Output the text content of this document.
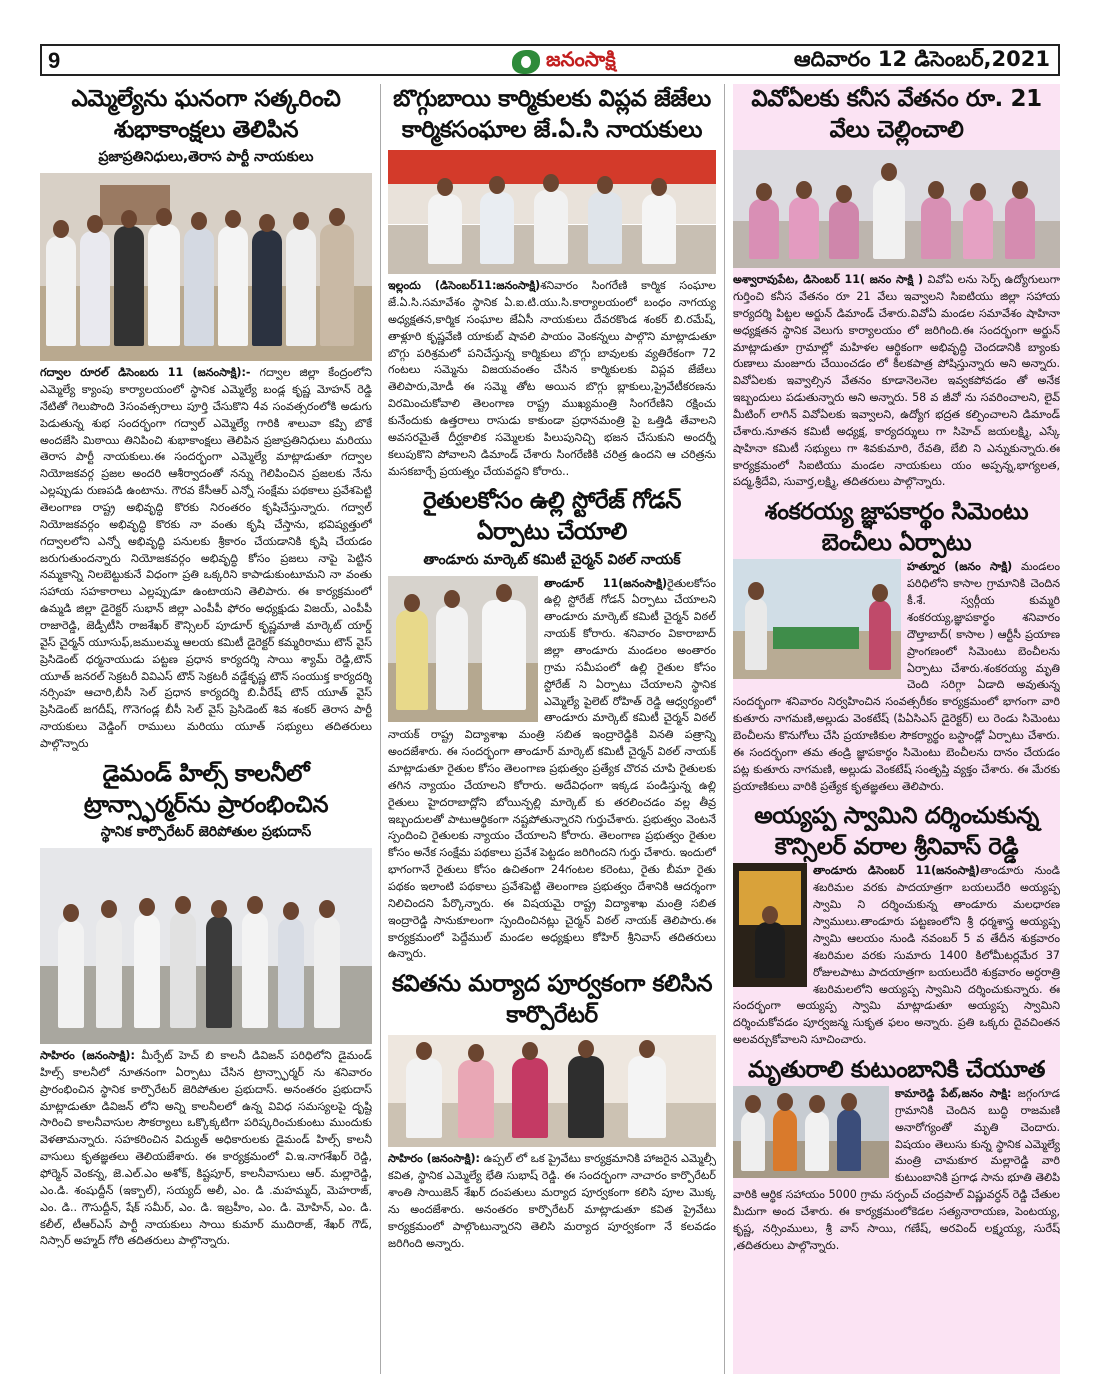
9	జనంసాక్షి	ఆదివారం 12 డిసెంబర్,2021
ఎమ్మెల్యేను ఘనంగా సత్కరించి శుభాకాంక్షలు తెలిపిన
ప్రజాప్రతినిధులు,తెరాస పార్టీ నాయకులు

గద్వాల రూరల్ డిసెంబరు 11 (జనంసాక్షి):- గద్వాల జిల్లా కేంద్రంలోని ఎమ్మెల్యే క్యాంపు కార్యాలయంలో స్థానిక ఎమ్మెల్యే బండ్ల కృష్ణ మోహన్ రెడ్డి నేటితో గెలుపొంది 3సంవత్సరాలు పూర్తి చేసుకొని 4వ సంవత్సరంలోకి అడుగు పెడుతున్న శుభ సందర్భంగా గద్వాల్ ఎమ్మెల్యే గారికి శాలువా కప్పి బొకే అందజేసి మిఠాయి తినిపించి శుభాకాంక్షలు తెలిపిన ప్రజాప్రతినిధులు మరియు తెరాస పార్టీ నాయకులు.ఈ సందర్భంగా ఎమ్మెల్యే మాట్లాడుతూ గద్వాల నియోజకవర్గ ప్రజల అందరి ఆశీర్వాదంతో నన్ను గెలిపించిన ప్రజలకు నేను ఎల్లప్పుడు రుణపడి ఉంటాను. గౌరవ కేసీఆర్ ఎన్నో సంక్షేమ పథకాలు ప్రవేశపెట్టి తెలంగాణ రాష్ట్ర అభివృద్ధి కొరకు నిరంతరం కృషిచేస్తున్నారు. గద్వాల్ నియోజకవర్గం అభివృద్ధి కొరకు నా వంతు కృషి చేస్తాను, భవిష్యత్తులో గద్వాలలోని ఎన్నో అభివృద్ధి పనులకు శ్రీకారం చేయడానికి కృషి చేయడం జరుగుతుందన్నారు నియోజకవర్గం అభివృద్ధి కోసం ప్రజలు నాపై పెట్టిన నమ్మకాన్ని నిలబెట్టుకునే విధంగా ప్రతి ఒక్కరిని కాపాడుకుంటూమని నా వంతు సహాయ సహకారాలు ఎల్లప్పుడూ ఉంటాయని తెలిపారు. ఈ కార్యక్రమంలో ఉమ్మడి జిల్లా డైరెక్టర్ సుభాన్ జిల్లా ఎంపీపీ ఫోరం అధ్యక్షుడు విజయ్, ఎంపీపీ రాజారెడ్డి, జెడ్పీటీసి రాజశేఖర్ కౌన్సిలర్ పూడూర్ కృష్ణమాజీ మార్కెట్ యార్డ్ వైస్ చైర్మన్ యూసుఫ్,జములమ్మ ఆలయ కమిటీ డైరెక్టర్ కమ్మరిరాము టౌన్ వైస్ ప్రెసిడెంట్ ధర్మనాయుడు పట్టణ ప్రధాన కార్యదర్శి సాయి శ్యామ్ రెడ్డి,టౌన్ యూత్ జనరల్ సెక్రటరీ వివిఎస్ టౌన్ సెక్రటరీ వడ్డేకృష్ణ టౌన్ సంయుక్త కార్యదర్శి నర్సింహ ఆచారి,బీసీ సెల్ ప్రధాన కార్యదర్శి బి.వీరేష్ టౌన్ యూత్ వైస్ ప్రెసిడెంట్ జగదీష్, గొనెగండ్ల బీసీ సెల్ వైస్ ప్రెసిడెంట్ శివ శంకర్ తెరాస పార్టీ నాయకులు వెడ్డింగ్ రాములు మరియు యూత్ సభ్యులు తదితరులు పాల్గొన్నారు

డైమండ్ హిల్స్ కాలనీలో ట్రాన్స్ఫార్మర్‌ను ప్రారంభించిన
స్థానిక కార్పొరేటర్ జెరిపోతుల ప్రభుదాస్

సాహిరం (జనంసాక్షి): మీర్పేట్ హెచ్ బి కాలనీ డివిజన్ పరిధిలోని డైమండ్ హిల్స్ కాలనీలో నూతనంగా ఏర్పాటు చేసిన ట్రాన్స్ఫార్మర్ ను శనివారం ప్రారంభించిన స్థానిక కార్పొరేటర్ జెరిపోతుల ప్రభుదాస్. అనంతరం ప్రభుదాస్ మాట్లాడుతూ డివిజన్ లోని అన్ని కాలనీలలో ఉన్న వివిధ సమస్యలపై దృష్టి సారించి కాలనీవాసుల సౌకర్యాలు ఒక్కొక్కటిగా పరిష్కరించుకుంటు ముందుకు వెళతామన్నారు. సహకరించిన విద్యుత్ అధికారులకు డైమండ్ హిల్స్ కాలనీ వాసులు కృతజ్ఞతలు తెలియజేశారు. ఈ కార్యక్రమంలో వి.ఇ.నాగశేఖర్ రెడ్డి, ఫోర్మెన్ వెంకన్న, జె.ఎల్.ఎం అశోక్, కిష్టపూర్, కాలనీవాసులు ఆర్. మల్లారెడ్డి, ఎం.డి. శంషుద్దీన్ (ఇక్బాల్), సయ్యద్ అలీ, ఎం. డి .మహమ్మద్, మెహరాజ్, ఎం. డి.. గౌసుద్దీన్, షేక్ సమీర్, ఎం. డి. ఇబ్రహీం, ఎం. డి. మోహిన్, ఎం. డి. కలీల్, టీఆర్ఎస్ పార్టీ నాయకులు సాయి కుమార్ ముదిరాజ్, శేఖర్ గౌడ్, నిస్సార్ అహ్మద్ గోరి తదితరులు పాల్గొన్నారు.

బొగ్గుబాయి కార్మికులకు విప్లవ జేజేలు కార్మికసంఘాల జే.ఏ.సి నాయకులు

ఇల్లందు (డిసెంబర్11:జనంసాక్షి)శనివారం సింగరేణి కార్మిక సంఘాల జే.ఏ.సి.సమావేశం స్థానిక ఏ.ఐ.టి.యు.సి.కార్యాలయంలో బంధం నాగయ్య అధ్యక్షతన,కార్మిక సంఘాల జేఏసీ నాయకులు దేవరకొండ శంకర్ బి.రమేష్, తాళ్లూరి కృష్ణవేణి యాకుబ్ షావలి పాయం వెంకన్నలు పాల్గొని మాట్లాడుతూ బొగ్గు పరిశ్రమలో పనిచేస్తున్న కార్మికులు బొగ్గు బావులకు వ్యతిరేకంగా 72 గంటలు సమ్మెను విజయవంతం చేసిన కార్మికులకు విప్లవ జేజేలు తెలిపారు,మోడీ ఈ సమ్మె తోట అయిన బొగ్గు బ్లాకులు,ప్రైవేటీకరణను విరమించుకోవాలి తెలంగాణ రాష్ట్ర ముఖ్యమంత్రి సింగరేణిని రక్షించు కునేందుకు ఉత్తరాలు రాసుడు కాకుండా ప్రధానమంత్రి పై ఒత్తిడి తేవాలని అవసరమైతే దీర్ఘకాలిక సమ్మెలకు పిలుపునిచ్చి భజన చేసుకుని అందర్నీ కలుపుకొని పోవాలని డిమాండ్ చేశారు సింగరేణికి చరిత్ర ఉందని ఆ చరిత్రను మసకబార్చే ప్రయత్నం చేయవద్దని కోరారు..

రైతులకోసం ఉల్లి స్టోరేజ్ గోడన్ ఏర్పాటు చేయాలి
తాండూరు మార్కెట్ కమిటీ చైర్మన్ విఠల్ నాయక్

తాండూర్ 11(జనంసాక్షి)రైతులకోసం ఉల్లి స్టోరేజ్ గోడన్ ఏర్పాటు చేయాలని తాండూరు మార్కెట్ కమిటీ చైర్మన్ విఠల్ నాయక్ కోరారు. శనివారం వికారాబాద్ జిల్లా తాండూరు మండలం అంతారం గ్రామ సమీపంలో ఉల్లి రైతుల కోసం స్టోరేజ్ ని ఏర్పాటు చేయాలని స్థానిక ఎమ్మెల్యే పైలెట్ రోహిత్ రెడ్డి ఆధ్వర్యంలో తాండూరు మార్కెట్ కమిటీ చైర్మన్ విఠల్ నాయక్ రాష్ట్ర విద్యాశాఖ మంత్రి సబిత ఇంద్రారెడ్డికి వినతి పత్రాన్ని అందజేశారు. ఈ సందర్భంగా తాండూర్ మార్కెట్ కమిటీ చైర్మన్ విఠల్ నాయక్ మాట్లాడుతూ రైతుల కోసం తెలంగాణ ప్రభుత్వం ప్రత్యేక చొరవ చూపి రైతులకు తగిన న్యాయం చేయాలని కోరారు. అదేవిధంగా ఇక్కడ పండిస్తున్న ఉల్లి రైతులు హైదరాబాద్లోని బోయిన్పల్లి మార్కెట్ కు తరలించడం వల్ల తీవ్ర ఇబ్బందులతో పాటుఆర్థికంగా నష్టపోతున్నారని గుర్తుచేశారు. ప్రభుత్వం వెంటనే స్పందించి రైతులకు న్యాయం చేయాలని కోరారు. తెలంగాణ ప్రభుత్వం రైతుల కోసం అనేక సంక్షేమ పథకాలు ప్రవేశ పెట్టడం జరిగిందని గుర్తు చేశారు. ఇందులో భాగంగానే రైతులు కోసం ఉచితంగా 24గంటల కరెంటు, రైతు బీమా రైతు పథకం ఇలాంటి పథకాలు ప్రవేశపెట్టి తెలంగాణ ప్రభుత్వం దేశానికి ఆదర్శంగా నిలిచిందని పేర్కొన్నారు. ఈ విషయమై రాష్ట్ర విద్యాశాఖ మంత్రి సబిత ఇంద్రారెడ్డి సానుకూలంగా స్పందించినట్లు చైర్మన్ విఠల్ నాయక్ తెలిపారు.ఈ కార్యక్రమంలో పెద్దేముల్ మండల అధ్యక్షులు కోహిర్ శ్రీనివాస్ తదితరులు ఉన్నారు.

కవితను మర్యాద పూర్వకంగా కలిసిన కార్పొరేటర్

సాహిరం (జనంసాక్షి): ఉప్పల్ లో ఒక ప్రైవేటు కార్యక్రమానికి హాజరైన ఎమ్మెల్సీ కవిత, స్థానిక ఎమ్మెల్యే భేతి సుభాష్ రెడ్డి. ఈ సందర్భంగా నాచారం కార్పొరేటర్ శాంతి సాయిజెన్ శేఖర్ దంపతులు మర్యాద పూర్వకంగా కలిసి పూల మొక్క ను అందజేశారు. అనంతరం కార్పొరేటర్ మాట్లాడుతూ కవిత ప్రైవేటు కార్యక్రమంలో పాల్గొంటున్నారని తెలిసి మర్యాద పూర్వకంగా నే కలవడం జరిగింది అన్నారు.

వివోఏలకు కనీస వేతనం రూ. 21 వేలు చెల్లించాలి

అశ్వారావుపేట, డిసెంబర్ 11( జనం సాక్షి ) వివోఏ లను సెర్ప్ ఉద్యోగులుగా గుర్తించి కనీస వేతనం రూ 21 వేలు ఇవ్వాలని సిఐటియు జిల్లా సహాయ కార్యదర్శి పిట్టల అర్జున్ డిమాండ్ చేశారు.వివోఏ మండల సమావేశం షాహినా అధ్యక్షతన స్థానిక వెలుగు కార్యాలయం లో జరిగింది.ఈ సందర్భంగా అర్జున్ మాట్లాడుతూ గ్రామాల్లో మహిళల ఆర్థికంగా అభివృద్ధి చెందడానికి బ్యాంకు రుణాలు మంజూరు చేయించడం లో కీలకపాత్ర పోషిస్తున్నారు అని అన్నారు. వివోఏలకు ఇవ్వాల్సిన వేతనం కూడానెలనెల ఇవ్వకపోవడం తో అనేక ఇబ్బందులు పడుతున్నారు అని అన్నారు. 58 వ జీవో ను సవరించాలని, లైవ్ మీటింగ్ లాగిన్ వివోఏలకు ఇవ్వాలని, ఉద్యోగ భద్రత కల్పించాలని డిమాండ్ చేశారు.నూతన కమిటీ అధ్యక్ష, కార్యదర్శులు గా సిహెచ్ జయలక్ష్మి, ఎస్కే షాహినా కమిటీ సభ్యులు గా శివకుమారి, రేవతి, బేబి ని ఎన్నుకున్నారు.ఈ కార్యక్రమంలో సిఐటియు మండల నాయకులు యం అప్పన్న,భాగ్యలత, పద్మ,శ్రీదేవి, సువార్త,లక్ష్మి, తదితరులు పాల్గొన్నారు.

శంకరయ్య జ్ఞాపకార్థం సిమెంటు బెంచీలు ఏర్పాటు

హత్నూర (జనం సాక్షి) మండలం పరిధిలోని కాసాల గ్రామానికి చెందిన కీ.శే. స్వర్గీయ కుమ్మరి శంకరయ్య,జ్ఞాపకార్థం శనివారం దౌల్తాబాద్( కాసాల ) ఆర్టీసీ ప్రయాణ ప్రాంగణంలో సిమెంటు బెంచీలను ఏర్పాటు చేశారు.శంకరయ్య మృతి చెంది సరిగ్గా ఏడాది అవుతున్న సందర్భంగా శనివారం నిర్వహించిన సంవత్సరీకం కార్యక్రమంలో భాగంగా వారి కుతూరు నాగమణి,అల్లుడు వెంకటేష్ (పిఏసిఎస్ డైరెక్టర్) లు రెండు సిమెంటు బెంచీలను కొనుగోలు చేసి ప్రయాణికుల సౌకర్యార్థం బస్టాండ్లో ఏర్పాటు చేశారు. ఈ సందర్భంగా తమ తండ్రి జ్ఞాపకార్థం సిమెంటు బెంచీలను దానం చేయడం పట్ల కుతూరు నాగమణి, అల్లుడు వెంకటేష్ సంతృప్తి వ్యక్తం చేశారు. ఈ మేరకు ప్రయాణికులు వారికి ప్రత్యేక కృతజ్ఞతలు తెలిపారు.

అయ్యప్ప స్వామిని దర్శించుకున్న కౌన్సిలర్ వరాల శ్రీనివాస్ రెడ్డి

తాండూరు డిసెంబర్ 11(జనంసాక్షి)తాండూరు నుండి శబరిమల వరకు పాదయాత్రగా బయలుదేరి అయ్యప్ప స్వామి ని దర్శించుకున్న తాండూరు మలధారణ స్వాములు.తాండూరు పట్టణంలోని శ్రీ ధర్మశాస్త్ర అయ్యప్ప స్వామి ఆలయం నుండి నవంబర్ 5 వ తేదీన శుక్రవారం శబరిమల వరకు సుమారు 1400 కిలోమీటర్లమేర 37 రోజులపాటు పాదయాత్రగా బయలుదేరి శుక్రవారం అర్ధరాత్రి శబరిమలలోని అయ్యప్ప స్వామిని దర్శించుకున్నారు. ఈ సందర్భంగా అయ్యప్ప స్వామి మాట్లాడుతూ అయ్యప్ప స్వామిని దర్శించుకోవడం పూర్వజన్మ సుకృత ఫలం అన్నారు. ప్రతి ఒక్కరు దైవచింతన అలవర్చుకోవాలని సూచించారు.

మృతురాలి కుటుంబానికి చేయూత

కామారెడ్డి పేట్,జనం సాక్షి: జగ్గంగూడ గ్రామానికి చెందిన బుద్ధి రాజమణి అనారోగ్యంతో మృతి చెందారు. విషయం తెలుసు కున్న స్థానిక ఎమ్మెల్యే మంత్రి చామకూర మల్లారెడ్డి వారి కుటుంబానికి ప్రగాఢ సాను భూతి తెలిపి వారికి ఆర్థిక సహాయం 5000 గ్రామ సర్పంచ్ చంద్రపాల్ విష్ణువర్ధన్ రెడ్డి చేతుల మీదుగా అంద చేశారు. ఈ కార్యక్రమంలోకెడల సత్యనారాయణ, పెంటయ్య, కృష్ణ, నర్సింములు, శ్రీ వాస్ సాయి, గణేష్, అరవింద్ లక్ష్మయ్య, సురేష్ ,తదితరులు పాల్గొన్నారు.
